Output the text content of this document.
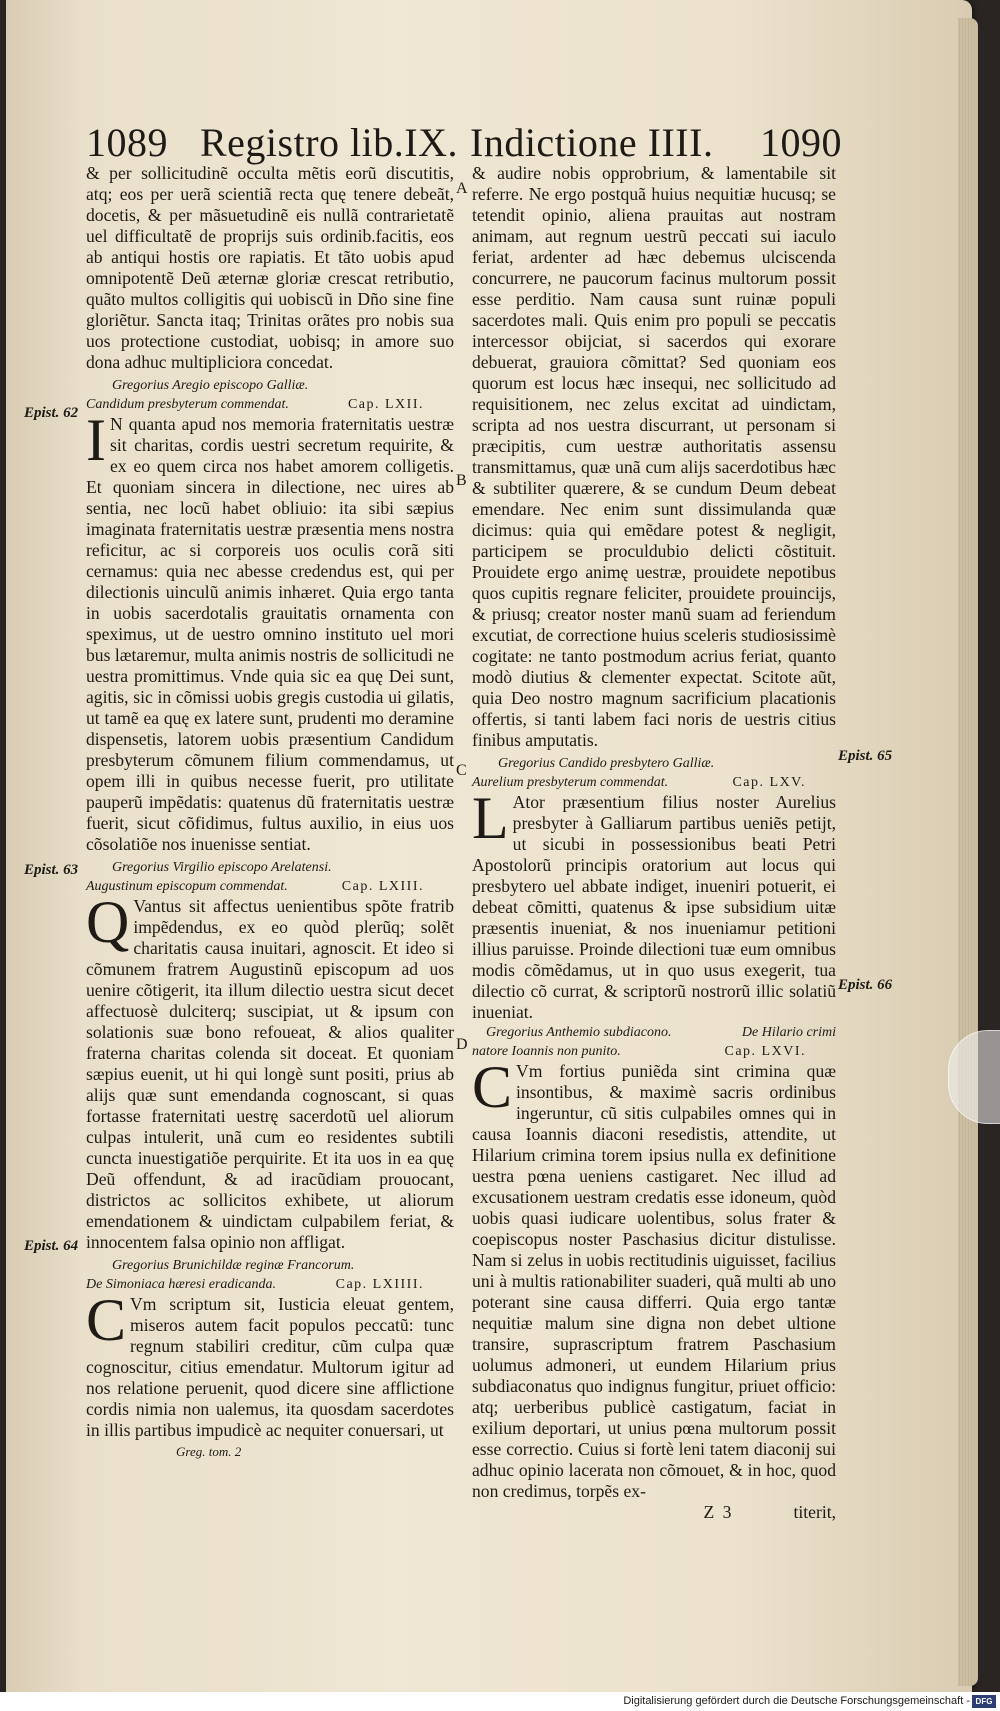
1089 Registro lib.IX. Indictione IIII. 1090

& per sollicitudinẽ occulta mẽtis eorũ discutitis, atq; eos per uerã scientiã recta quę tenere debeãt, docetis, & per mãsuetudinẽ eis nullã contrarietatẽ uel difficultatẽ de proprijs suis ordinib.facitis, eos ab antiqui hostis ore rapiatis. Et tãto uobis apud omnipotentẽ Deũ æternæ gloriæ crescat retributio, quãto multos colligitis qui uobiscũ in Dño sine fine gloriẽtur. Sancta itaq; Trinitas orãtes pro nobis sua uos protectione custodiat, uobisq; in amore suo dona adhuc multipliciora concedat.

Gregorius Aregio episcopo Galliæ.
Candidum presbyterum commendat.	Cap. LXII.

I N quanta apud nos memoria fraternitatis uestræ sit charitas, cordis uestri secretum requirite, & ex eo quem circa nos habet amorem colligetis. Et quoniam sincera in dilectione, nec uires ab sentia, nec locũ habet obliuio: ita sibi sæpius imaginata fraternitatis uestræ præsentia mens nostra reficitur, ac si corporeis uos oculis corã siti cernamus: quia nec abesse credendus est, qui per dilectionis uinculũ animis inhæret. Quia ergo tanta in uobis sacerdotalis grauitatis ornamenta con speximus, ut de uestro omnino instituto uel mori bus lætaremur, multa animis nostris de sollicitudi ne uestra promittimus. Vnde quia sic ea quę Dei sunt, agitis, sic in cõmissi uobis gregis custodia ui gilatis, ut tamẽ ea quę ex latere sunt, prudenti mo deramine dispensetis, latorem uobis præsentium Candidum presbyterum cõmunem filium commendamus, ut opem illi in quibus necesse fuerit, pro utilitate pauperũ impẽdatis: quatenus dũ fraternitatis uestræ fuerit, sicut cõfidimus, fultus auxilio, in eius uos cõsolatiõe nos inuenisse sentiat.

Gregorius Virgilio episcopo Arelatensi.
Augustinum episcopum commendat.	Cap. LXIII.

Q Vantus sit affectus uenientibus spõte fratrib impẽdendus, ex eo quòd plerũq; solẽt charitatis causa inuitari, agnoscit. Et ideo si cõmunem fratrem Augustinũ episcopum ad uos uenire cõtigerit, ita illum dilectio uestra sicut decet affectuosè dulciterq; suscipiat, ut & ipsum con solationis suæ bono refoueat, & alios qualiter fraterna charitas colenda sit doceat. Et quoniam sæpius euenit, ut hi qui longè sunt positi, prius ab alijs quæ sunt emendanda cognoscant, si quas fortasse fraternitati uestrę sacerdotũ uel aliorum culpas intulerit, unã cum eo residentes subtili cuncta inuestigatiõe perquirite. Et ita uos in ea quę Deũ offendunt, & ad iracũdiam prouocant, districtos ac sollicitos exhibete, ut aliorum emendationem & uindictam culpabilem feriat, & innocentem falsa opinio non affligat.

Gregorius Brunichildæ reginæ Francorum.
De Simoniaca hæresi eradicanda.	Cap. LXIIII.

C Vm scriptum sit, Iusticia eleuat gentem, miseros autem facit populos peccatũ: tunc regnum stabiliri creditur, cũm culpa quæ cognoscitur, citius emendatur. Multorum igitur ad nos relatione peruenit, quod dicere sine afflictione cordis nimia non ualemus, ita quosdam sacerdotes in illis partibus impudicè ac nequiter conuersari, ut

Greg. tom. 2

& audire nobis opprobrium, & lamentabile sit referre. Ne ergo postquã huius nequitiæ hucusq; se tetendit opinio, aliena prauitas aut nostram animam, aut regnum uestrũ peccati sui iaculo feriat, ardenter ad hæc debemus ulciscenda concurrere, ne paucorum facinus multorum possit esse perditio. Nam causa sunt ruinæ populi sacerdotes mali. Quis enim pro populi se peccatis intercessor obijciat, si sacerdos qui exorare debuerat, grauiora cõmittat? Sed quoniam eos quorum est locus hæc insequi, nec sollicitudo ad requisitionem, nec zelus excitat ad uindictam, scripta ad nos uestra discurrant, ut personam si præcipitis, cum uestræ authoritatis assensu transmittamus, quæ unã cum alijs sacerdotibus hæc & subtiliter quærere, & se cundum Deum debeat emendare. Nec enim sunt dissimulanda quæ dicimus: quia qui emẽdare potest & negligit, participem se proculdubio delicti cõstituit. Prouidete ergo animę uestræ, prouidete nepotibus quos cupitis regnare feliciter, prouidete prouincijs, & priusq; creator noster manũ suam ad feriendum excutiat, de correctione huius sceleris studiosissimè cogitate: ne tanto postmodum acrius feriat, quanto modò diutius & clementer expectat. Scitote aũt, quia Deo nostro magnum sacrificium placationis offertis, si tanti labem faci noris de uestris citius finibus amputatis.

Gregorius Candido presbytero Galliæ.
Aurelium presbyterum commendat.	Cap. LXV.

L Ator præsentium filius noster Aurelius presbyter à Galliarum partibus ueniẽs petijt, ut sicubi in possessionibus beati Petri Apostolorũ principis oratorium aut locus qui presbytero uel abbate indiget, inueniri potuerit, ei debeat cõmitti, quatenus & ipse subsidium uitæ præsentis inueniat, & nos inueniamur petitioni illius paruisse. Proinde dilectioni tuæ eum omnibus modis cõmẽdamus, ut in quo usus exegerit, tua dilectio cõ currat, & scriptorũ nostrorũ illic solatiũ inueniat.

Gregorius Anthemio subdiacono.	De Hilario crimi
natore Ioannis non punito.	Cap. LXVI.

C Vm fortius puniẽda sint crimina quæ insontibus, & maximè sacris ordinibus ingeruntur, cũ sitis culpabiles omnes qui in causa Ioannis diaconi resedistis, attendite, ut Hilarium crimina torem ipsius nulla ex definitione uestra pœna ueniens castigaret. Nec illud ad excusationem uestram credatis esse idoneum, quòd uobis quasi iudicare uolentibus, solus frater & coepiscopus noster Paschasius dicitur distulisse. Nam si zelus in uobis rectitudinis uiguisset, facilius uni à multis rationabiliter suaderi, quã multi ab uno poterant sine causa differri. Quia ergo tantæ nequitiæ malum sine digna non debet ultione transire, suprascriptum fratrem Paschasium uolumus admoneri, ut eundem Hilarium prius subdiaconatus quo indignus fungitur, priuet officio: atq; uerberibus publicè castigatum, faciat in exilium deportari, ut unius pœna multorum possit esse correctio. Cuius si fortè leni tatem diaconij sui adhuc opinio lacerata non cõmouet, & in hoc, quod non credimus, torpẽs ex-

Z 3	titerit,
Epist. 62
Epist. 63
Epist. 64
Epist. 65
Epist. 66
A
B
C
D
Digitalisierung gefördert durch die Deutsche Forschungsgemeinschaft - DFG
